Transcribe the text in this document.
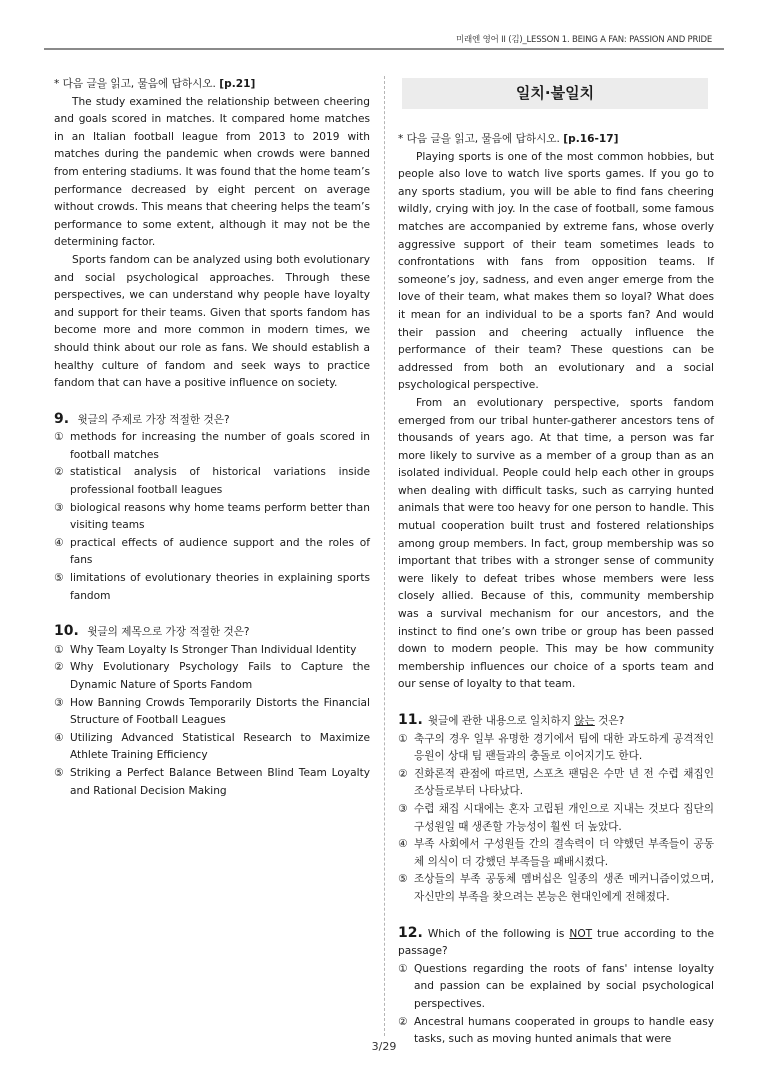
미래엔 영어 II (김)_LESSON 1. BEING A FAN: PASSION AND PRIDE

* 다음 글을 읽고, 물음에 답하시오. [p.21]

The study examined the relationship between cheering and goals scored in matches. It compared home matches in an Italian football league from 2013 to 2019 with matches during the pandemic when crowds were banned from entering stadiums. It was found that the home team’s performance decreased by eight percent on average without crowds. This means that cheering helps the team’s performance to some extent, although it may not be the determining factor.

Sports fandom can be analyzed using both evolutionary and social psychological approaches. Through these perspectives, we can understand why people have loyalty and support for their teams. Given that sports fandom has become more and more common in modern times, we should think about our role as fans. We should establish a healthy culture of fandom and seek ways to practice fandom that can have a positive influence on society.

9. 윗글의 주제로 가장 적절한 것은?

① methods for increasing the number of goals scored in football matches
② statistical analysis of historical variations inside professional football leagues
③ biological reasons why home teams perform better than visiting teams
④ practical effects of audience support and the roles of fans
⑤ limitations of evolutionary theories in explaining sports fandom

10. 윗글의 제목으로 가장 적절한 것은?

① Why Team Loyalty Is Stronger Than Individual Identity
② Why Evolutionary Psychology Fails to Capture the Dynamic Nature of Sports Fandom
③ How Banning Crowds Temporarily Distorts the Financial Structure of Football Leagues
④ Utilizing Advanced Statistical Research to Maximize Athlete Training Efficiency
⑤ Striking a Perfect Balance Between Blind Team Loyalty and Rational Decision Making
일치·불일치

* 다음 글을 읽고, 물음에 답하시오. [p.16-17]

Playing sports is one of the most common hobbies, but people also love to watch live sports games. If you go to any sports stadium, you will be able to find fans cheering wildly, crying with joy. In the case of football, some famous matches are accompanied by extreme fans, whose overly aggressive support of their team sometimes leads to confrontations with fans from opposition teams. If someone’s joy, sadness, and even anger emerge from the love of their team, what makes them so loyal? What does it mean for an individual to be a sports fan? And would their passion and cheering actually influence the performance of their team? These questions can be addressed from both an evolutionary and a social psychological perspective.

From an evolutionary perspective, sports fandom emerged from our tribal hunter-gatherer ancestors tens of thousands of years ago. At that time, a person was far more likely to survive as a member of a group than as an isolated individual. People could help each other in groups when dealing with difficult tasks, such as carrying hunted animals that were too heavy for one person to handle. This mutual cooperation built trust and fostered relationships among group members. In fact, group membership was so important that tribes with a stronger sense of community were likely to defeat tribes whose members were less closely allied. Because of this, community membership was a survival mechanism for our ancestors, and the instinct to find one’s own tribe or group has been passed down to modern people. This may be how community membership influences our choice of a sports team and our sense of loyalty to that team.

11. 윗글에 관한 내용으로 일치하지 않는 것은?

① 축구의 경우 일부 유명한 경기에서 팀에 대한 과도하게 공격적인 응원이 상대 팀 팬들과의 충돌로 이어지기도 한다.
② 진화론적 관점에 따르면, 스포츠 팬덤은 수만 년 전 수렵 채집인 조상들로부터 나타났다.
③ 수렵 채집 시대에는 혼자 고립된 개인으로 지내는 것보다 집단의 구성원일 때 생존할 가능성이 훨씬 더 높았다.
④ 부족 사회에서 구성원들 간의 결속력이 더 약했던 부족들이 공동체 의식이 더 강했던 부족들을 패배시켰다.
⑤ 조상들의 부족 공동체 멤버십은 일종의 생존 메커니즘이었으며, 자신만의 부족을 찾으려는 본능은 현대인에게 전해졌다.

12. Which of the following is NOT true according to the passage?

① Questions regarding the roots of fans' intense loyalty and passion can be explained by social psychological perspectives.
② Ancestral humans cooperated in groups to handle easy tasks, such as moving hunted animals that were
3/29
